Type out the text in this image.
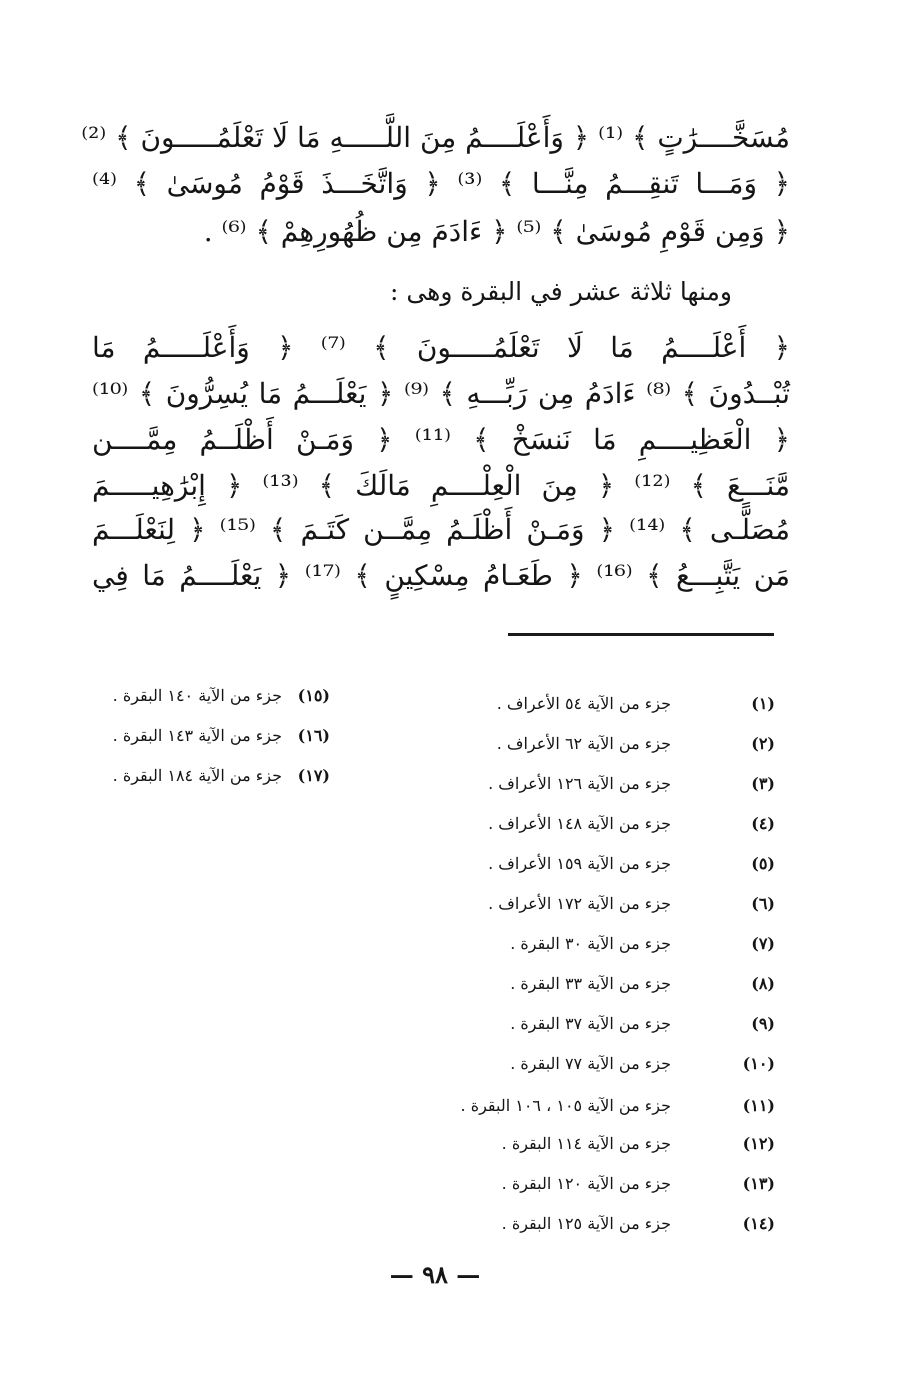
مُسَخَّــــرَٰتٍ ﴾ ⁽¹⁾ ﴿ وَأَعْلَــــمُ مِنَ اللَّـــــهِ مَا لَا تَعْلَمُـــــونَ ﴾ ⁽²⁾
﴿ وَمَـــا تَنقِـــمُ مِنَّـــا ﴾ ⁽³⁾ ﴿ وَاتَّخَـــذَ قَوْمُ مُوسَىٰ ﴾ ⁽⁴⁾
﴿ وَمِن قَوْمِ مُوسَىٰ ﴾ ⁽⁵⁾ ﴿ ءَادَمَ مِن ظُهُورِهِمْ ﴾ ⁽⁶⁾ .
ومنها ثلاثة عشر في البقرة وهى :
﴿ أَعْلَــــمُ مَا لَا تَعْلَمُـــــونَ ﴾ ⁽⁷⁾ ﴿ وَأَعْلَـــــمُ مَا
تُبْــدُونَ ﴾ ⁽⁸⁾ ءَادَمُ مِن رَبِّـــهِ ﴾ ⁽⁹⁾ ﴿ يَعْلَـــمُ مَا يُسِرُّونَ ﴾ ⁽¹⁰⁾
﴿ الْعَظِيــــمِ مَا نَنسَخْ ﴾ ⁽¹¹⁾ ﴿ وَمَـنْ أَظْلَــمُ مِمَّــــن
مَّنَـــعَ ﴾ ⁽¹²⁾ ﴿ مِنَ الْعِلْــــمِ مَالَكَ ﴾ ⁽¹³⁾ ﴿ إِبْرَٰهِيـــــمَ
مُصَلًّـى ﴾ ⁽¹⁴⁾ ﴿ وَمَـنْ أَظْلَـمُ مِمَّــن كَتَـمَ ﴾ ⁽¹⁵⁾ ﴿ لِنَعْلَـــمَ
مَن يَتَّبِـــعُ ﴾ ⁽¹⁶⁾ ﴿ طَعَـامُ مِسْكِينٍ ﴾ ⁽¹⁷⁾ ﴿ يَعْلَــــمُ مَا فِي
(١)
جزء من الآية ٥٤ الأعراف .
(٢)
جزء من الآية ٦٢ الأعراف .
(٣)
جزء من الآية ١٢٦ الأعراف .
(٤)
جزء من الآية ١٤٨ الأعراف .
(٥)
جزء من الآية ١٥٩ الأعراف .
(٦)
جزء من الآية ١٧٢ الأعراف .
(٧)
جزء من الآية ٣٠ البقرة .
(٨)
جزء من الآية ٣٣ البقرة .
(٩)
جزء من الآية ٣٧ البقرة .
(١٠)
جزء من الآية ٧٧ البقرة .
(١١)
جزء من الآية ١٠٥ ، ١٠٦ البقرة .
(١٢)
جزء من الآية ١١٤ البقرة .
(١٣)
جزء من الآية ١٢٠ البقرة .
(١٤)
جزء من الآية ١٢٥ البقرة .
(١٥)
جزء من الآية ١٤٠ البقرة .
(١٦)
جزء من الآية ١٤٣ البقرة .
(١٧)
جزء من الآية ١٨٤ البقرة .
— ٩٨ —
